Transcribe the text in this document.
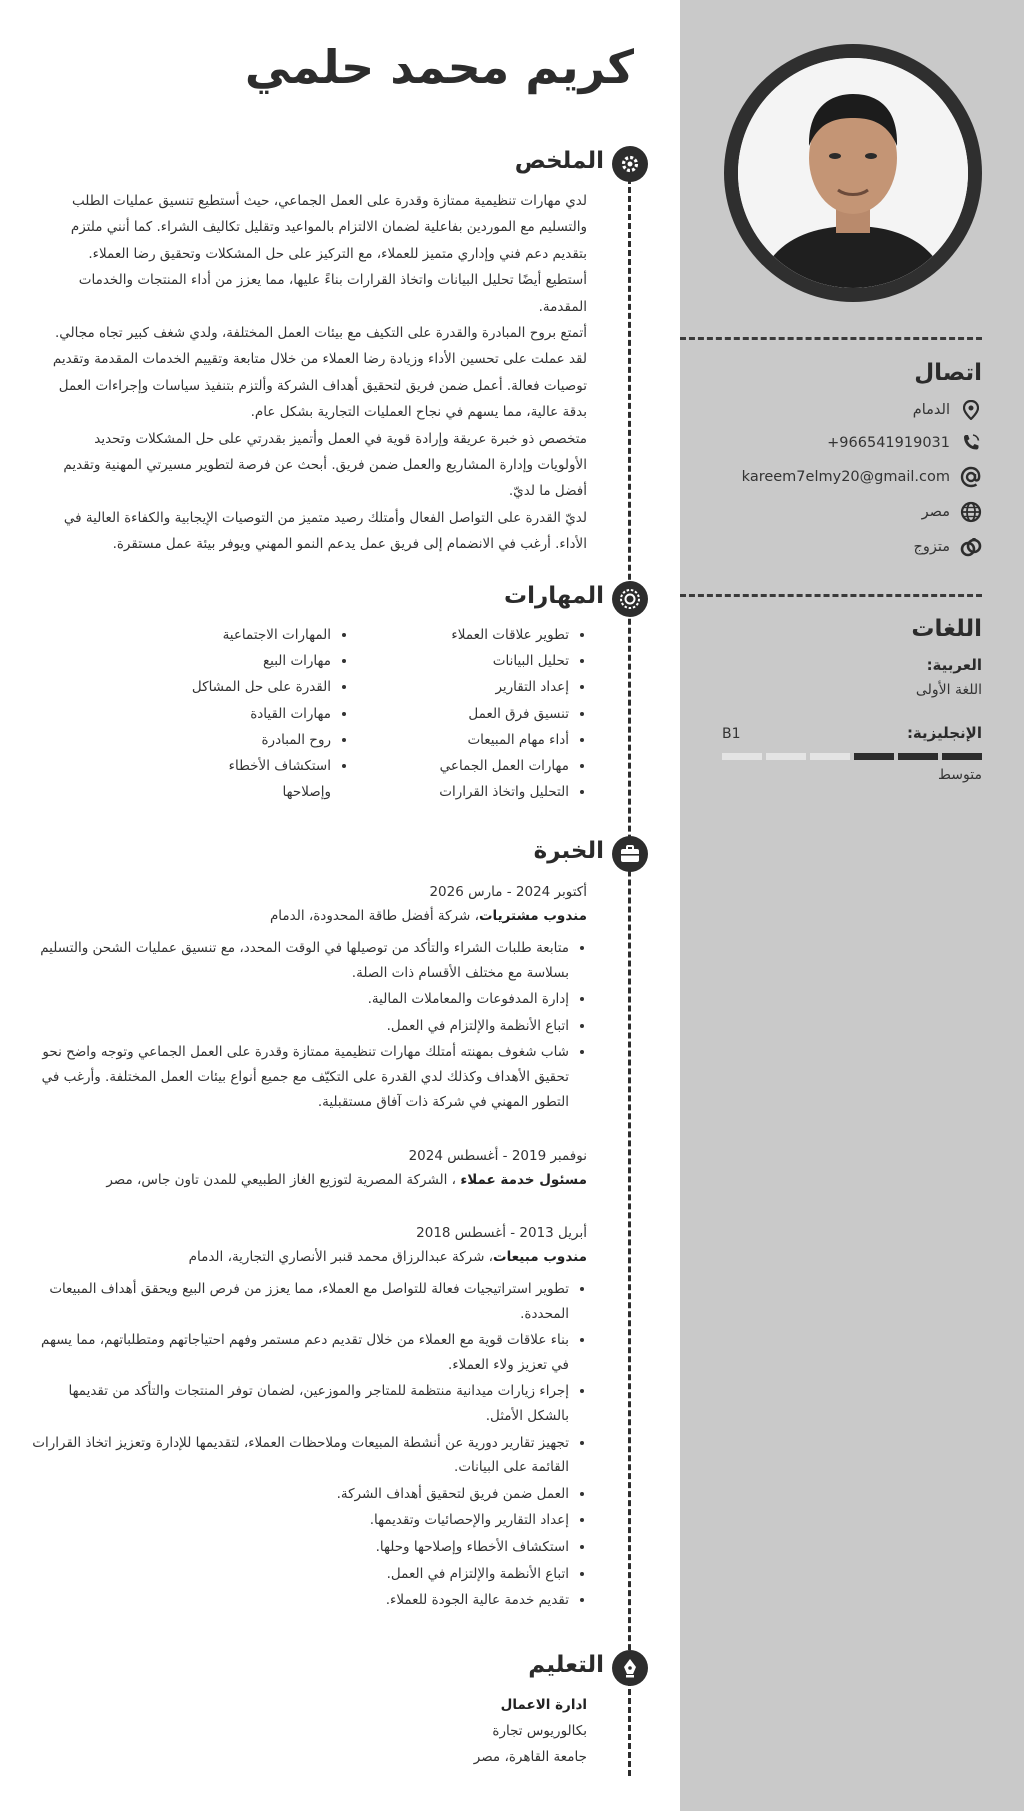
اتصال
الدمام
+966541919031
kareem7elmy20@gmail.com
مصر
متزوج
اللغات
العربية:
اللغة الأولى
الإنجليزية:
متوسط
B1
كريم محمد حلمي
الملخص

لدي مهارات تنظيمية ممتازة وقدرة على العمل الجماعي، حيث أستطيع تنسيق عمليات الطلب والتسليم مع الموردين بفاعلية لضمان الالتزام بالمواعيد وتقليل تكاليف الشراء. كما أنني ملتزم بتقديم دعم فني وإداري متميز للعملاء، مع التركيز على حل المشكلات وتحقيق رضا العملاء. أستطيع أيضًا تحليل البيانات واتخاذ القرارات بناءً عليها، مما يعزز من أداء المنتجات والخدمات المقدمة.

أتمتع بروح المبادرة والقدرة على التكيف مع بيئات العمل المختلفة، ولدي شغف كبير تجاه مجالي. لقد عملت على تحسين الأداء وزيادة رضا العملاء من خلال متابعة وتقييم الخدمات المقدمة وتقديم توصيات فعالة. أعمل ضمن فريق لتحقيق أهداف الشركة وألتزم بتنفيذ سياسات وإجراءات العمل بدقة عالية، مما يسهم في نجاح العمليات التجارية بشكل عام.

متخصص ذو خبرة عريقة وإرادة قوية في العمل وأتميز بقدرتي على حل المشكلات وتحديد الأولويات وإدارة المشاريع والعمل ضمن فريق. أبحث عن فرصة لتطوير مسيرتي المهنية وتقديم أفضل ما لديّ.

لديّ القدرة على التواصل الفعال وأمتلك رصيد متميز من التوصيات الإيجابية والكفاءة العالية في الأداء. أرغب في الانضمام إلى فريق عمل يدعم النمو المهني ويوفر بيئة عمل مستقرة.

المهارات
• تطوير علاقات العملاء
• تحليل البيانات
• إعداد التقارير
• تنسيق فرق العمل
• أداء مهام المبيعات
• مهارات العمل الجماعي
• التحليل واتخاذ القرارات
• المهارات الاجتماعية
• مهارات البيع
• القدرة على حل المشاكل
• مهارات القيادة
• روح المبادرة
• استكشاف الأخطاء وإصلاحها
الخبرة
أكتوبر 2024 - مارس 2026
مندوب مشتريات، شركة أفضل طاقة المحدودة، الدمام
• متابعة طلبات الشراء والتأكد من توصيلها في الوقت المحدد، مع تنسيق عمليات الشحن والتسليم بسلاسة مع مختلف الأقسام ذات الصلة.
• إدارة المدفوعات والمعاملات المالية.
• اتباع الأنظمة والإلتزام في العمل.
• شاب شغوف بمهنته أمتلك مهارات تنظيمية ممتازة وقدرة على العمل الجماعي وتوجه واضح نحو تحقيق الأهداف وكذلك لدي القدرة على التكيّف مع جميع أنواع بيئات العمل المختلفة. وأرغب في التطور المهني في شركة ذات آفاق مستقبلية.
نوفمبر 2019 - أغسطس 2024
مسئول خدمة عملاء ، الشركة المصرية لتوزيع الغاز الطبيعي للمدن تاون جاس، مصر
أبريل 2013 - أغسطس 2018
مندوب مبيعات، شركة عبدالرزاق محمد قنبر الأنصاري التجارية، الدمام
• تطوير استراتيجيات فعالة للتواصل مع العملاء، مما يعزز من فرص البيع ويحقق أهداف المبيعات المحددة.
• بناء علاقات قوية مع العملاء من خلال تقديم دعم مستمر وفهم احتياجاتهم ومتطلباتهم، مما يسهم في تعزيز ولاء العملاء.
• إجراء زيارات ميدانية منتظمة للمتاجر والموزعين، لضمان توفر المنتجات والتأكد من تقديمها بالشكل الأمثل.
• تجهيز تقارير دورية عن أنشطة المبيعات وملاحظات العملاء، لتقديمها للإدارة وتعزيز اتخاذ القرارات القائمة على البيانات.
• العمل ضمن فريق لتحقيق أهداف الشركة.
• إعداد التقارير والإحصائيات وتقديمها.
• استكشاف الأخطاء وإصلاحها وحلها.
• اتباع الأنظمة والإلتزام في العمل.
• تقديم خدمة عالية الجودة للعملاء.
التعليم
ادارة الاعمال
بكالوريوس تجارة
جامعة القاهرة، مصر
